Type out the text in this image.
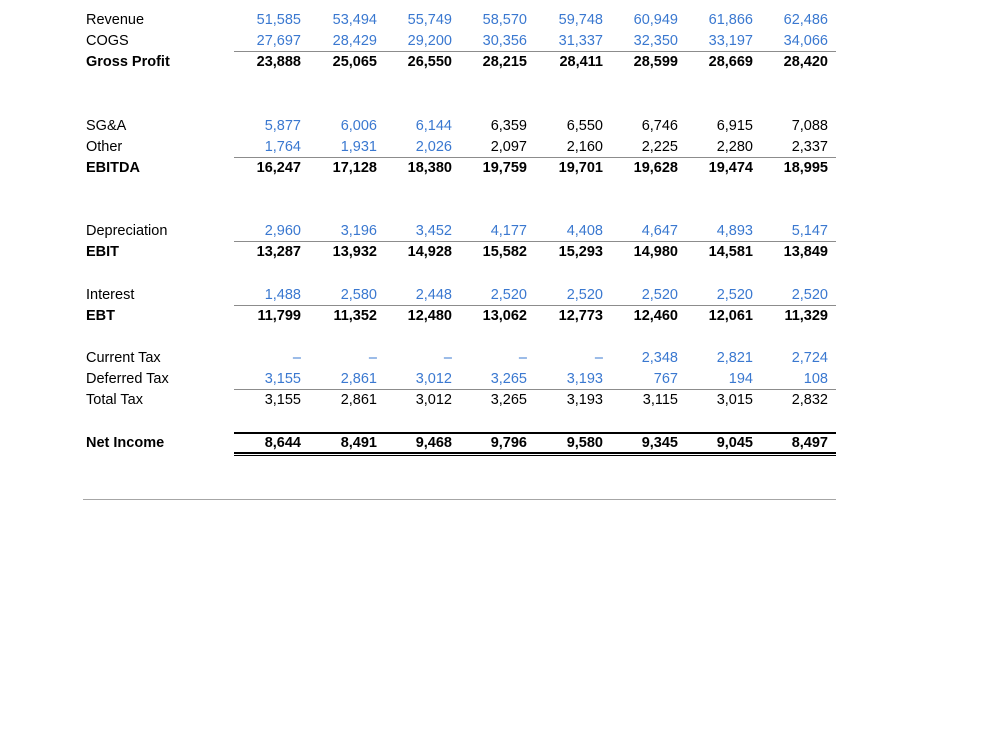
Revenue	51,585	53,494	55,749	58,570	59,748	60,949	61,866	62,486
COGS	27,697	28,429	29,200	30,356	31,337	32,350	33,197	34,066
Gross Profit	23,888	25,065	26,550	28,215	28,411	28,599	28,669	28,420
SG&A	5,877	6,006	6,144	6,359	6,550	6,746	6,915	7,088
Other	1,764	1,931	2,026	2,097	2,160	2,225	2,280	2,337
EBITDA	16,247	17,128	18,380	19,759	19,701	19,628	19,474	18,995
Depreciation	2,960	3,196	3,452	4,177	4,408	4,647	4,893	5,147
EBIT	13,287	13,932	14,928	15,582	15,293	14,980	14,581	13,849
Interest	1,488	2,580	2,448	2,520	2,520	2,520	2,520	2,520
EBT	11,799	11,352	12,480	13,062	12,773	12,460	12,061	11,329
Current Tax	–	–	–	–	–	2,348	2,821	2,724
Deferred Tax	3,155	2,861	3,012	3,265	3,193	767	194	108
Total Tax	3,155	2,861	3,012	3,265	3,193	3,115	3,015	2,832
Net Income	8,644	8,491	9,468	9,796	9,580	9,345	9,045	8,497
